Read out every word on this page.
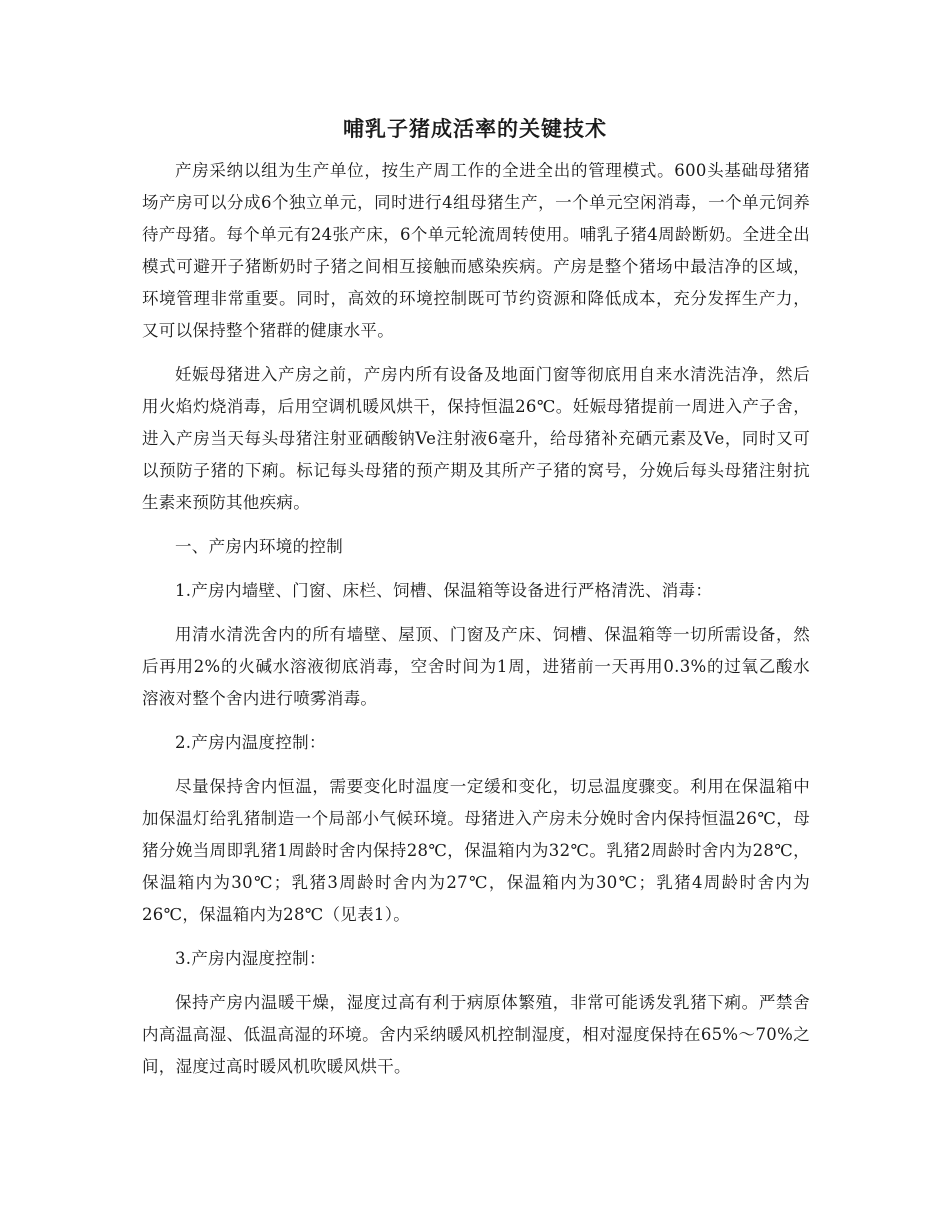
哺乳子猪成活率的关键技术

产房采纳以组为生产单位，按生产周工作的全进全出的管理模式。600头基础母猪猪场产房可以分成6个独立单元，同时进行4组母猪生产，一个单元空闲消毒，一个单元饲养待产母猪。每个单元有24张产床，6个单元轮流周转使用。哺乳子猪4周龄断奶。全进全出模式可避开子猪断奶时子猪之间相互接触而感染疾病。产房是整个猪场中最洁净的区域，环境管理非常重要。同时，高效的环境控制既可节约资源和降低成本，充分发挥生产力，又可以保持整个猪群的健康水平。

妊娠母猪进入产房之前，产房内所有设备及地面门窗等彻底用自来水清洗洁净，然后用火焰灼烧消毒，后用空调机暖风烘干，保持恒温26℃。妊娠母猪提前一周进入产子舍，进入产房当天每头母猪注射亚硒酸钠Ve注射液6毫升，给母猪补充硒元素及Ve，同时又可以预防子猪的下痢。标记每头母猪的预产期及其所产子猪的窝号，分娩后每头母猪注射抗生素来预防其他疾病。

一、产房内环境的控制

1.产房内墙壁、门窗、床栏、饲槽、保温箱等设备进行严格清洗、消毒：

用清水清洗舍内的所有墙壁、屋顶、门窗及产床、饲槽、保温箱等一切所需设备，然后再用2%的火碱水溶液彻底消毒，空舍时间为1周，进猪前一天再用0.3%的过氧乙酸水溶液对整个舍内进行喷雾消毒。

2.产房内温度控制：

尽量保持舍内恒温，需要变化时温度一定缓和变化，切忌温度骤变。利用在保温箱中加保温灯给乳猪制造一个局部小气候环境。母猪进入产房未分娩时舍内保持恒温26℃，母猪分娩当周即乳猪1周龄时舍内保持28℃，保温箱内为32℃。乳猪2周龄时舍内为28℃，保温箱内为30℃；乳猪3周龄时舍内为27℃，保温箱内为30℃；乳猪4周龄时舍内为26℃，保温箱内为28℃（见表1）。

3.产房内湿度控制：

保持产房内温暖干燥，湿度过高有利于病原体繁殖，非常可能诱发乳猪下痢。严禁舍内高温高湿、低温高湿的环境。舍内采纳暖风机控制湿度，相对湿度保持在65%～70%之间，湿度过高时暖风机吹暖风烘干。
